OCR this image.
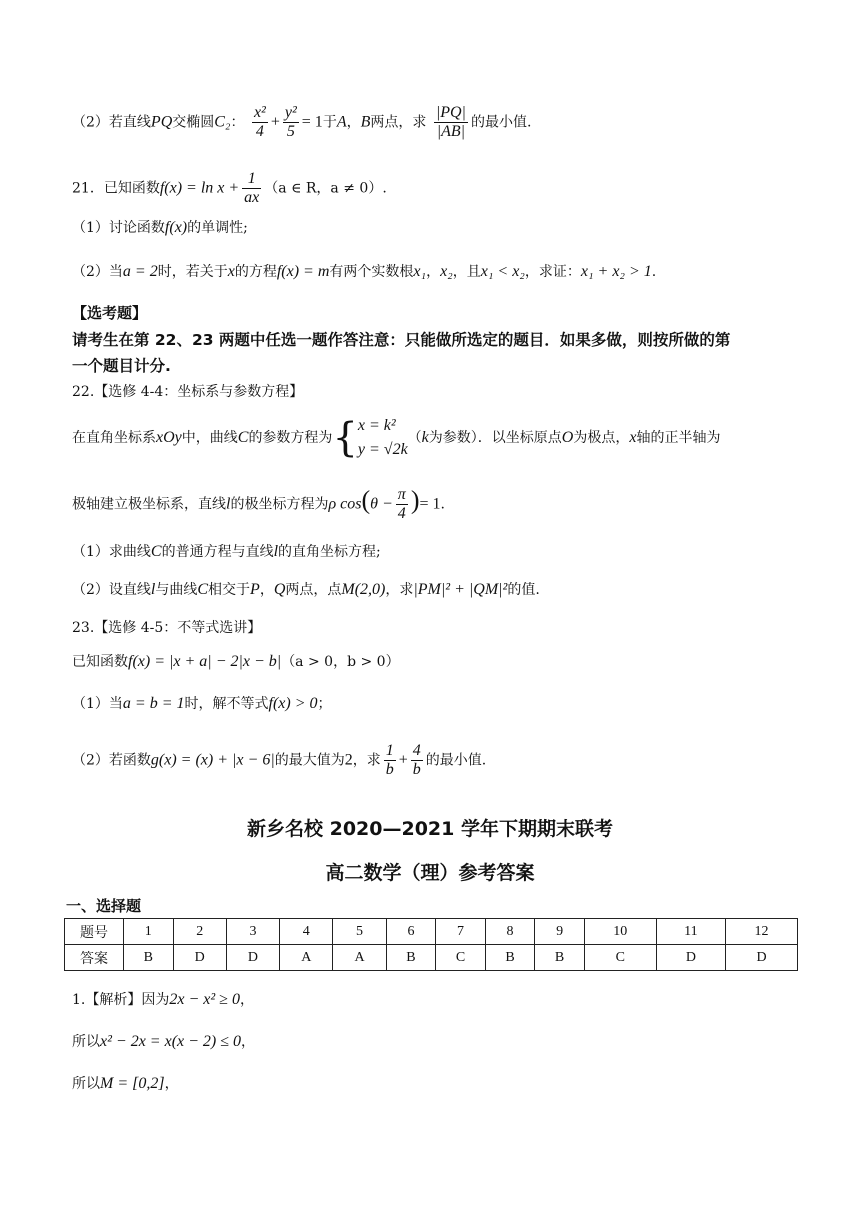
（2）若直线PQ交椭圆C₂： $\frac{\text{x²}}{4} + \frac{\text{y²}}{5} = 1$于A，B两点，求 $\frac{|PQ|}{|AB|}$ 的最小值.
21．已知函数$f(x) = \ln x + \frac{1}{ax} (a$ ∈ R，a ≠ 0）.
（1）讨论函数f(x)的单调性;
（2）当a = 2时，若关于x的方程f(x) = m有两个实数根x₁，x₂，且x₁ < x₂，求证：x₁ + x₂ > 1.
【选考题】
请考生在第 22、23 两题中任选一题作答注意：只能做所选定的题目．如果多做，则按所做的第
一个题目计分.
22.【选修 4-4：坐标系与参数方程】
在直角坐标系xOy中，曲线C的参数方程为{ x = k²
y = √2k
（k为参数）．以坐标原点O为极点，x轴的正半轴为
极轴建立极坐标系，直线l的极坐标方程为ρ $\cos(\theta - \frac{\pi}{4}$ )= 1.
（1）求曲线C的普通方程与直线l的直角坐标方程;
（2）设直线l与曲线C相交于P，Q两点，点M(2,0)，求|PM|² + |QM|²的值.
23.【选修 4-5：不等式选讲】
已知函数f(x) = |x + a| − 2|x − b|（a > 0，b > 0）
（1）当a = b = 1时，解不等式f(x) > 0；
（2）若函数g(x) = (x) + |x − 6|的最大值为2，求 $\frac{1}{b} + \frac{4}{b}$ 的最小值.
新乡名校 2020—2021 学年下期期末联考
高二数学（理）参考答案
一、选择题
题号	1	2	3	4	5	6	7	8	9	10	11	12
答案	B	D	D	A	A	B	C	B	B	C	D	D
1.【解析】因为2x − x² ≥ 0，
所以x² − 2x = x(x − 2) ≤ 0，
所以M = [0,2]，
